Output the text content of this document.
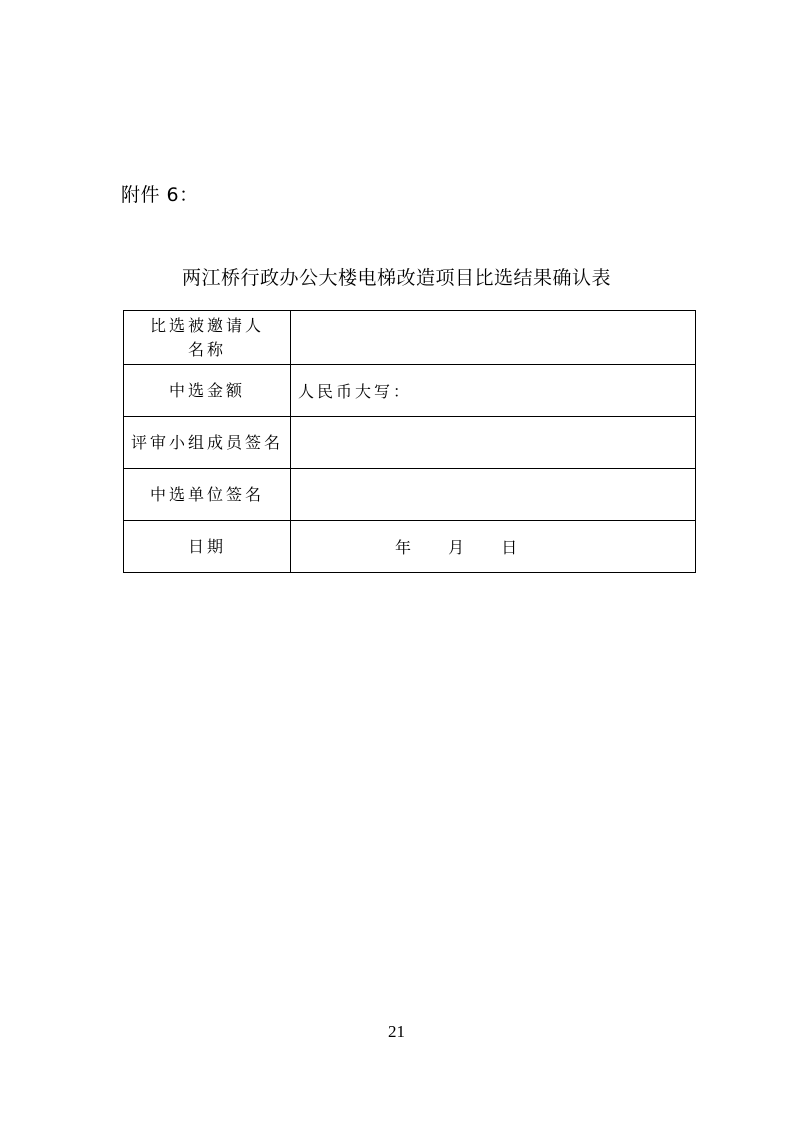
附件 6：
两江桥行政办公大楼电梯改造项目比选结果确认表
比选被邀请人
名称	

中选金额	人民币大写：
评审小组成员签名	
中选单位签名	
日期	年 月 日
21
